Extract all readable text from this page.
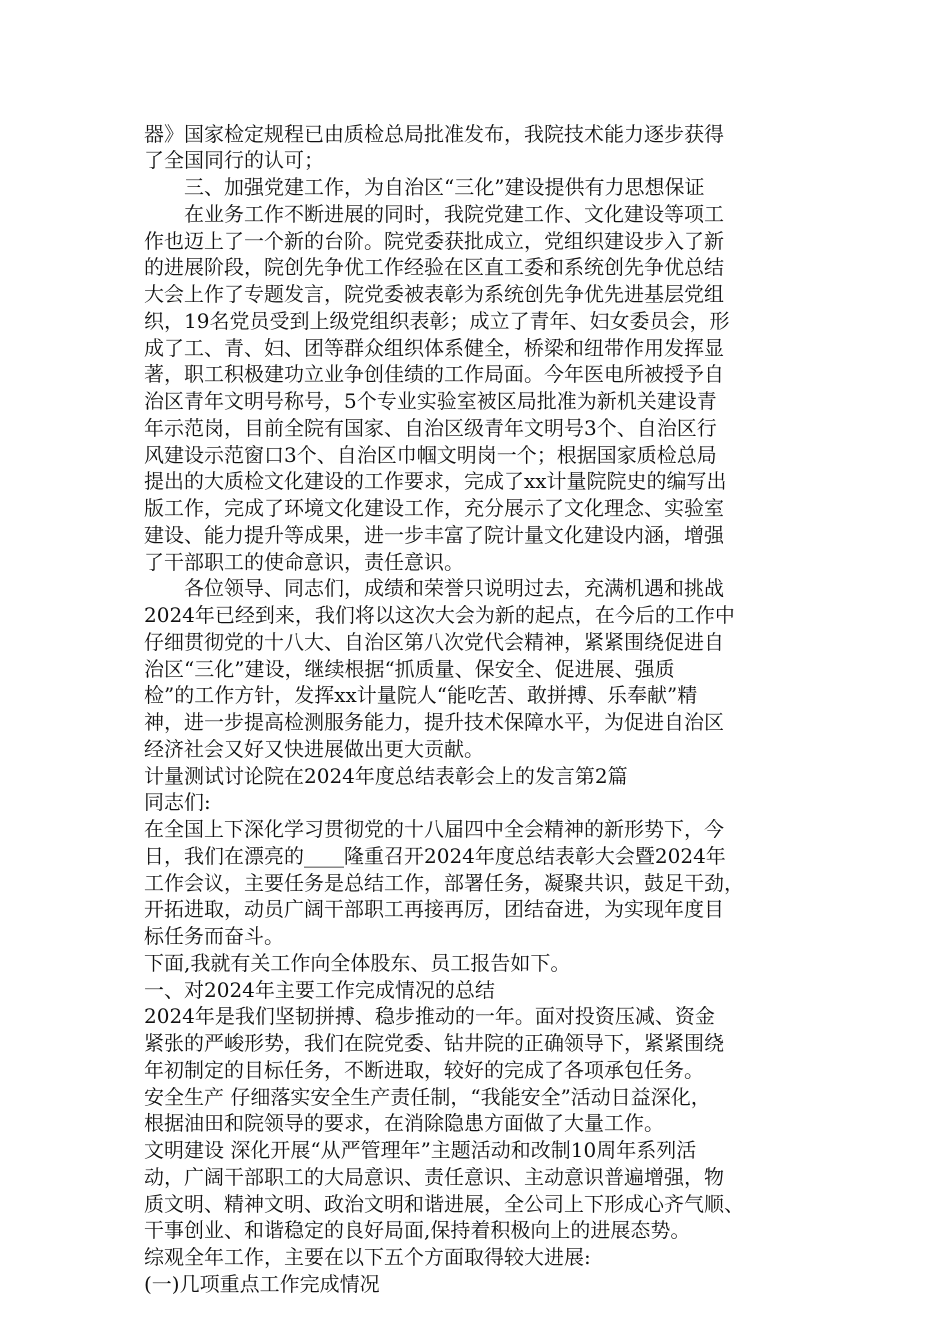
器》国家检定规程已由质检总局批准发布，我院技术能力逐步获得
了全国同行的认可；
　　三、加强党建工作，为自治区“三化”建设提供有力思想保证
　　在业务工作不断进展的同时，我院党建工作、文化建设等项工
作也迈上了一个新的台阶。院党委获批成立，党组织建设步入了新
的进展阶段，院创先争优工作经验在区直工委和系统创先争优总结
大会上作了专题发言，院党委被表彰为系统创先争优先进基层党组
织，19名党员受到上级党组织表彰；成立了青年、妇女委员会，形
成了工、青、妇、团等群众组织体系健全，桥梁和纽带作用发挥显
著，职工积极建功立业争创佳绩的工作局面。今年医电所被授予自
治区青年文明号称号，5个专业实验室被区局批准为新机关建设青
年示范岗，目前全院有国家、自治区级青年文明号3个、自治区行
风建设示范窗口3个、自治区巾帼文明岗一个；根据国家质检总局
提出的大质检文化建设的工作要求，完成了xx计量院院史的编写出
版工作，完成了环境文化建设工作，充分展示了文化理念、实验室
建设、能力提升等成果，进一步丰富了院计量文化建设内涵，增强
了干部职工的使命意识，责任意识。
　　各位领导、同志们，成绩和荣誉只说明过去，充满机遇和挑战
2024年已经到来，我们将以这次大会为新的起点，在今后的工作中
仔细贯彻党的十八大、自治区第八次党代会精神，紧紧围绕促进自
治区“三化”建设，继续根据“抓质量、保安全、促进展、强质
检”的工作方针，发挥xx计量院人“能吃苦、敢拼搏、乐奉献”精
神，进一步提高检测服务能力，提升技术保障水平，为促进自治区
经济社会又好又快进展做出更大贡献。
计量测试讨论院在2024年度总结表彰会上的发言第2篇
同志们:
在全国上下深化学习贯彻党的十八届四中全会精神的新形势下，今
日，我们在漂亮的____隆重召开2024年度总结表彰大会暨2024年
工作会议，主要任务是总结工作，部署任务，凝聚共识，鼓足干劲，
开拓进取，动员广阔干部职工再接再厉，团结奋进，为实现年度目
标任务而奋斗。
下面,我就有关工作向全体股东、员工报告如下。
一、对2024年主要工作完成情况的总结
2024年是我们坚韧拼搏、稳步推动的一年。面对投资压减、资金
紧张的严峻形势，我们在院党委、钻井院的正确领导下，紧紧围绕
年初制定的目标任务，不断进取，较好的完成了各项承包任务。
安全生产 仔细落实安全生产责任制，“我能安全”活动日益深化，
根据油田和院领导的要求，在消除隐患方面做了大量工作。
文明建设 深化开展“从严管理年”主题活动和改制10周年系列活
动，广阔干部职工的大局意识、责任意识、主动意识普遍增强，物
质文明、精神文明、政治文明和谐进展，全公司上下形成心齐气顺、
干事创业、和谐稳定的良好局面,保持着积极向上的进展态势。
综观全年工作，主要在以下五个方面取得较大进展:
(一)几项重点工作完成情况
